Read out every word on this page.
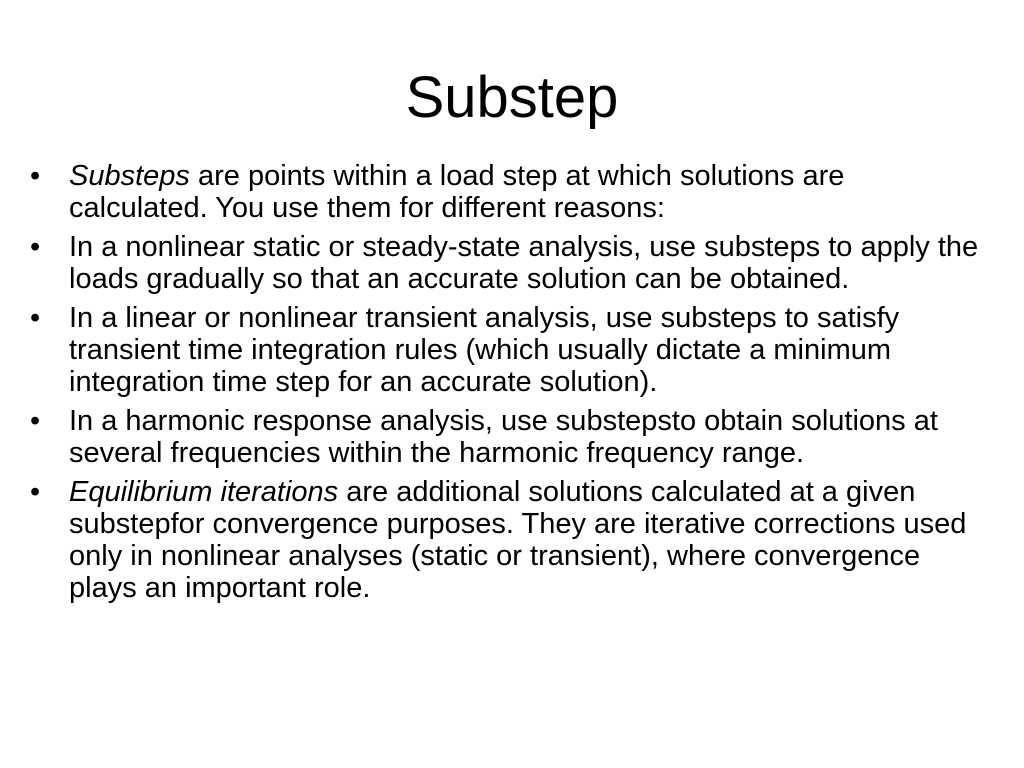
Substep
• Substeps are points within a load step at which solutions are calculated. You use them for different reasons:
• In a nonlinear static or steady-state analysis, use substeps to apply the loads gradually so that an accurate solution can be obtained.
• In a linear or nonlinear transient analysis, use substeps to satisfy transient time integration rules (which usually dictate a minimum integration time step for an accurate solution).
• In a harmonic response analysis, use substepsto obtain solutions at several frequencies within the harmonic frequency range.
• Equilibrium iterations are additional solutions calculated at a given substepfor convergence purposes. They are iterative corrections used only in nonlinear analyses (static or transient), where convergence plays an important role.
